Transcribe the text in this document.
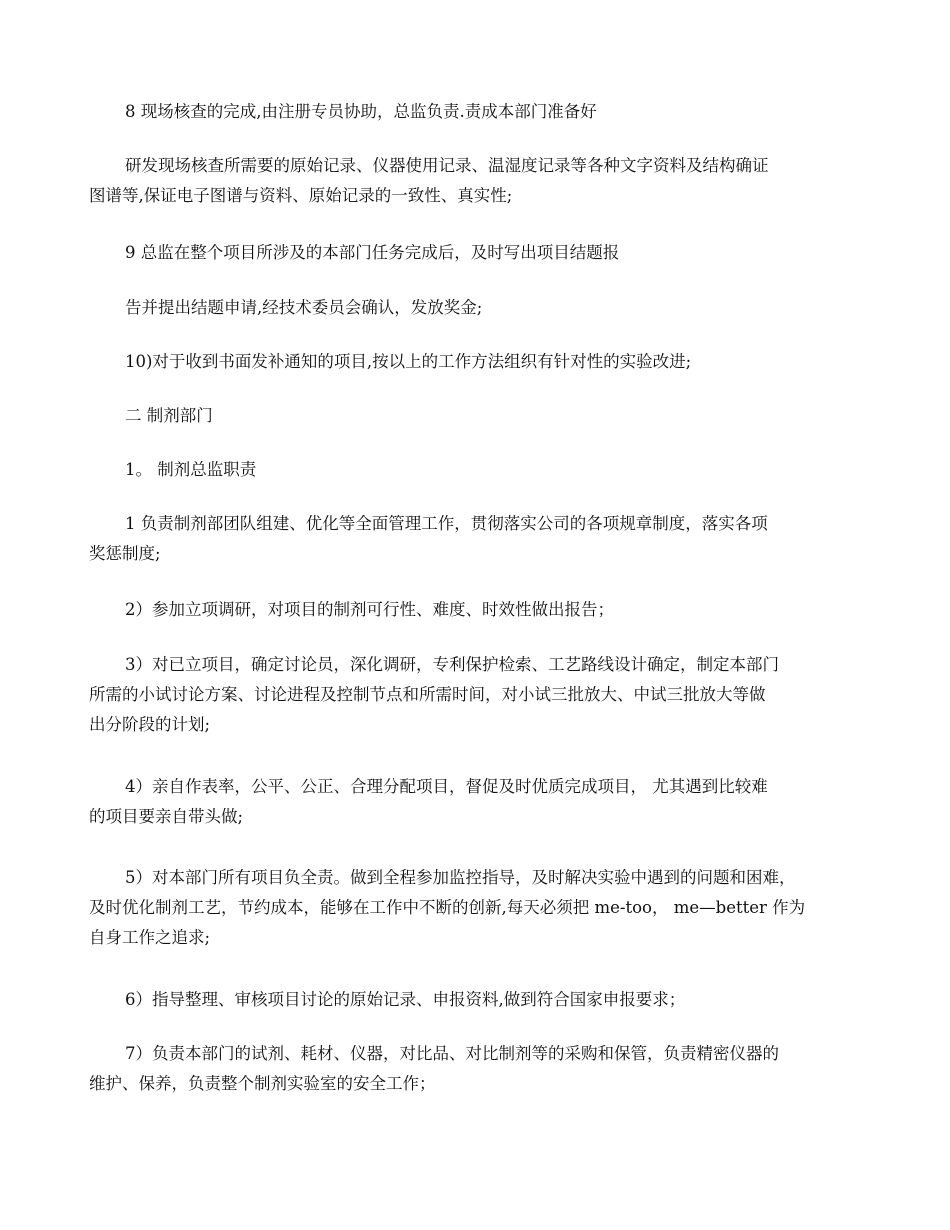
8 现场核查的完成,由注册专员协助，总监负责.责成本部门准备好
研发现场核查所需要的原始记录、仪器使用记录、温湿度记录等各种文字资料及结构确证
图谱等,保证电子图谱与资料、原始记录的一致性、真实性;
9 总监在整个项目所涉及的本部门任务完成后，及时写出项目结题报
告并提出结题申请,经技术委员会确认，发放奖金;
10)对于收到书面发补通知的项目,按以上的工作方法组织有针对性的实验改进;
二 制剂部门
1。 制剂总监职责
1 负责制剂部团队组建、优化等全面管理工作，贯彻落实公司的各项规章制度，落实各项
奖惩制度;
2）参加立项调研，对项目的制剂可行性、难度、时效性做出报告；
3）对已立项目，确定讨论员，深化调研，专利保护检索、工艺路线设计确定，制定本部门
所需的小试讨论方案、讨论进程及控制节点和所需时间，对小试三批放大、中试三批放大等做
出分阶段的计划;
4）亲自作表率，公平、公正、合理分配项目，督促及时优质完成项目， 尤其遇到比较难
的项目要亲自带头做;
5）对本部门所有项目负全责。做到全程参加监控指导，及时解决实验中遇到的问题和困难，
及时优化制剂工艺，节约成本，能够在工作中不断的创新,每天必须把 me-too， me—better 作为
自身工作之追求;
6）指导整理、审核项目讨论的原始记录、申报资料,做到符合国家申报要求；
7）负责本部门的试剂、耗材、仪器，对比品、对比制剂等的采购和保管，负责精密仪器的
维护、保养，负责整个制剂实验室的安全工作；
